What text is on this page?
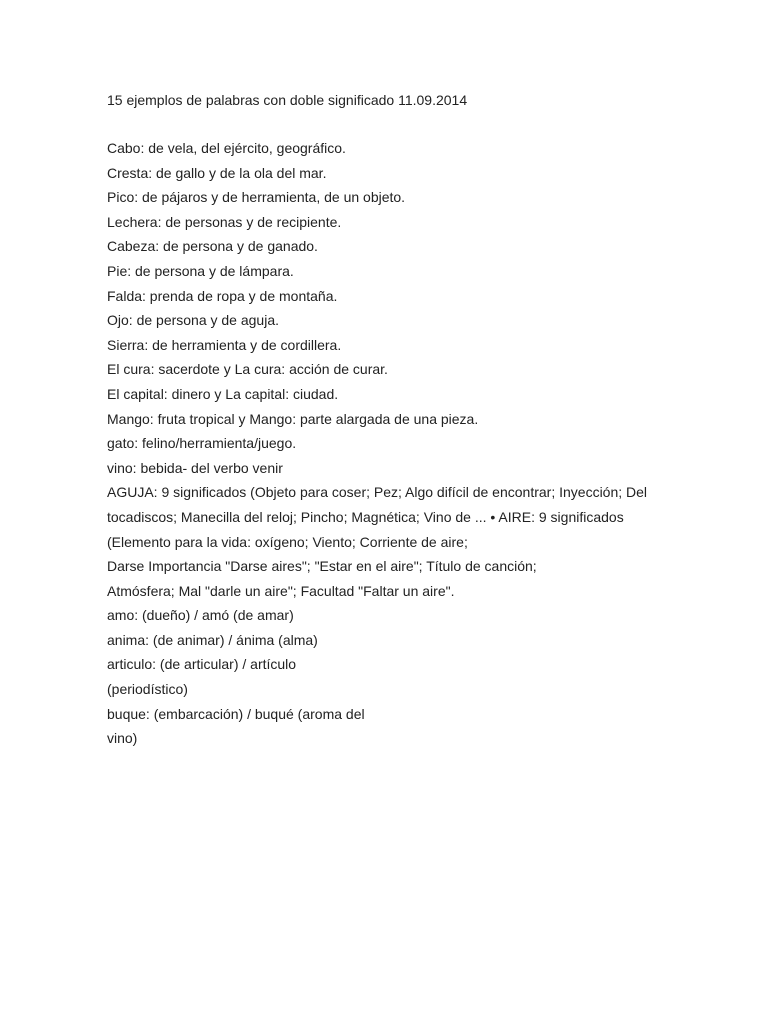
15 ejemplos de palabras con doble significado 11.09.2014
Cabo: de vela, del ejército, geográfico.
Cresta: de gallo y de la ola del mar.
Pico: de pájaros y de herramienta, de un objeto.
Lechera: de personas y de recipiente.
Cabeza: de persona y de ganado.
Pie: de persona y de lámpara.
Falda: prenda de ropa y de montaña.
Ojo: de persona y de aguja.
Sierra: de herramienta y de cordillera.
El cura: sacerdote y La cura: acción de curar.
El capital: dinero y La capital: ciudad.
Mango: fruta tropical y Mango: parte alargada de una pieza.
gato: felino/herramienta/juego.
vino: bebida- del verbo venir
AGUJA: 9 significados (Objeto para coser; Pez; Algo difícil de encontrar; Inyección; Del
tocadiscos; Manecilla del reloj; Pincho; Magnética; Vino de ... • AIRE: 9 significados
(Elemento para la vida: oxígeno; Viento; Corriente de aire;
Darse Importancia "Darse aires"; "Estar en el aire"; Título de canción;
Atmósfera; Mal "darle un aire"; Facultad "Faltar un aire".
amo: (dueño) / amó (de amar)
anima: (de animar) / ánima (alma)
articulo: (de articular) / artículo
(periodístico)
buque: (embarcación) / buqué (aroma del
vino)
